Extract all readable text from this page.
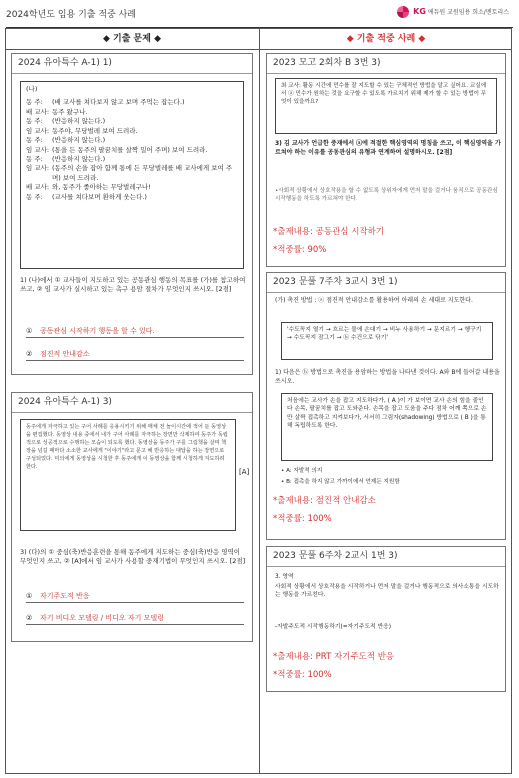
2024학년도 임용 기출 적중 사례	KG 에듀원 교원임용 희소/멘토리스
◆ 기출 문제 ◆	◆ 기출 적중 사례 ◆
2024 유아특수 A-1) 1)
(나)
동 주:	(배 교사를 쳐다보지 않고 보며 주먹는 잡는다.)
배 교사: 동주 왔구나.
동 주:	(반응하지 않는다.)
임 교사: 동주야, 무당벌레 보여 드려라.
동 주:	(반응하지 않는다.)
임 교사: (통을 든 동주의 팔꿈치를 살짝 밀어 주며) 보여 드려라.
동 주:	(반응하지 않는다.)
임 교사: (동주의 손을 잡아 함께 통에 든 무당벌레를 배 교사에게 보여 주며) 보여 드려라.
배 교사: 와, 동주가 좋아하는 무당벌레구나!
동 주:	(교사를 쳐다보며 환하게 웃는다.)
1) (나)에서 ① 교사들이 지도하고 있는 공동관심 행동의 목표를 (가)를 참고하여 쓰고, ② 임 교사가 실시하고 있는 촉구 용암 절차가 무엇인지 쓰시오. [2점]
① 공동관심 시작하기 행동을 할 수 있다.
② 점진적 안내감소
2024 유아특수 A-1) 3)
동주에게 자극하고 있는 구어 사례를 응용시키기 위해 매체 전 놀이시간에 적어 둔 동영상을 편집했다. 동영상 내용 중에서 내가 구어 사례를 자극하는 장면만 삭제하여 동주가 독립적으로 성공적으로 수행하는 모습이 되도록 했다. 동영상을 동주가 구를 그림책을 살며 책장을 넘길 때마다 소소한 교사에게 "이야기"라고 문고 해 반응하는 대답을 하는 장면으로 구성되었다. 미의에게 동영상을 시청한 후 동주에게 이 동영상을 함께 시청하게 지도하려 한다.
[A]
3) (다)의 ① 중심(축)반응훈련을 통해 동주에게 지도하는 중심(축)반응 영역이 무엇인지 쓰고, ② [A]에서 임 교사가 사용할 중재기법이 무엇인지 쓰시오. [2점]
① 자기주도적 반응
② 자기 비디오 모델링 / 비디오 자기 모델링
2023 모고 2회차 B 3번 3)
최 교사: 활동 시간에 민수를 잘 지도할 수 있는 구체적인 방법을 알고 싶어요. 교실에서 ⓐ 민수가 원하는 것을 요구할 수 있도록 가르치기 위해 제가 할 수 있는 방법이 무엇이 있을까요?
3) 김 교사가 언급한 중재에서 ⓐ에 적절한 핵심영역의 명칭을 쓰고, 이 핵심영역을 가르쳐야 하는 이유를 공동관심의 유형과 연계하여 설명하시오. [2점]
•사회적 상황에서 상호작용을 할 수 없도록 상위자에게 먼저 말을 걸거나 움직으로 공동관심 시작행동을 하도록 가르쳐야 한다.
*출제내용: 공동관심 시작하기
*적중률: 90%
2023 문풀 7주차 3교시 3번 1)
(가) 촉진 방법 : ⓐ 점진적 안내감소를 활용하여 아래의 손 세대로 지도한다.
'수도꼭지 열기 → 흐르는 물에 손대기 → 비누 사용하기 → 문지르기 → 헹구기 → 수도꼭지 잠그기 → ⓑ 수건으로 닦기'
1) 다음은 ⓑ 방법으로 촉진을 용암하는 방법을 나타낸 것이다. A와 B에 들어갈 내용을 쓰시오.
처음에는 교사가 손을 잡고 지도하다가, ( A )이 가 보이면 교사 손의 힘을 줄인다 손목, 팔꿈치를 잡고 도와준다. 손목을 잡고 도움을 주다 점차 어깨 쪽으로 손만 살짝 접촉하고 지켜보다가, 서서히 그림자(shadowing) 방법으로 ( B )을 통해 독립하도록 한다.
• A: 자발적 의지
• B: 접촉을 하지 않고 가까이에서 언제든 지원함
*출제내용: 점진적 안내감소
*적중률: 100%
2023 문풀 6주차 2교시 1번 3)
3. 영역
사회적 상황에서 상호작용을 시작하거나 먼저 말을 걸거나 행동적으로 의사소통을 시도하는 행동을 가르친다.
-자발주도적 시작행동하기(=자기주도적 반응)
*출제내용: PRT 자기주도적 반응
*적중률: 100%
